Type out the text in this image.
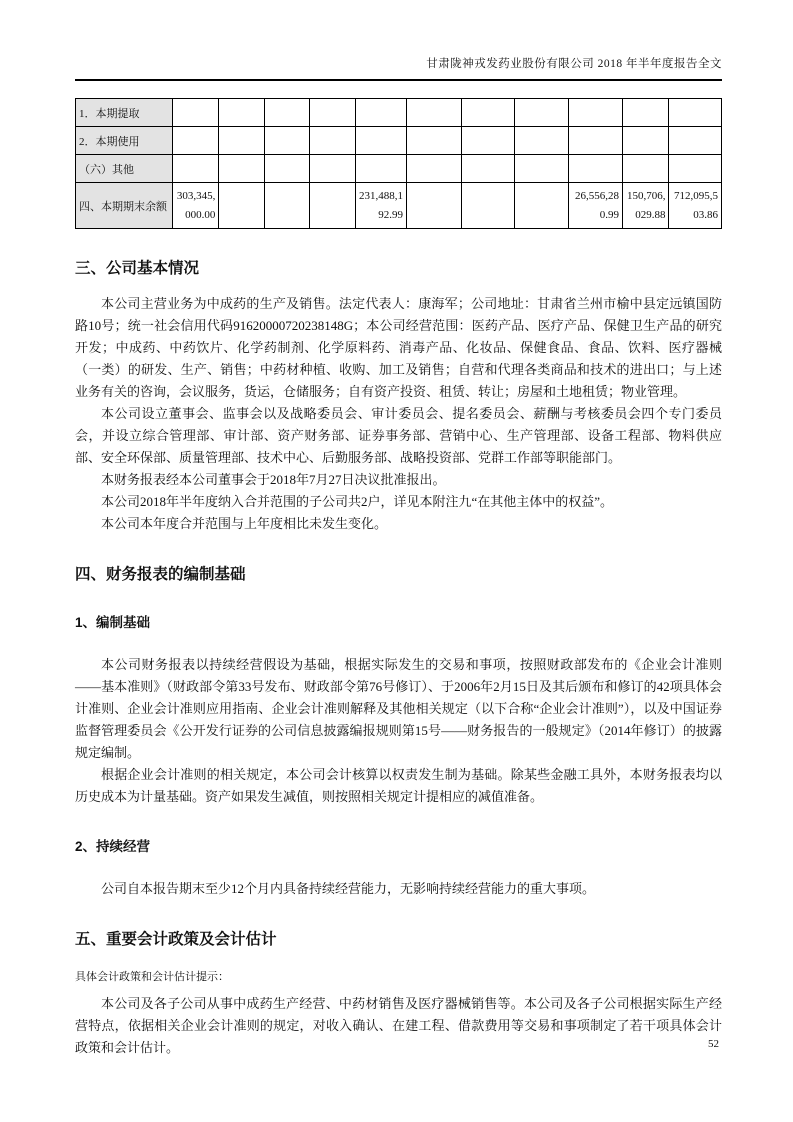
甘肃陇神戎发药业股份有限公司 2018 年半年度报告全文
1．本期提取											
2．本期使用											
（六）其他											
四、本期期末余额	303,345,000.00				231,488,192.99				26,556,280.99	150,706,029.88	712,095,503.86
三、公司基本情况

本公司主营业务为中成药的生产及销售。法定代表人：康海军；公司地址：甘肃省兰州市榆中县定远镇国防路10号；统一社会信用代码91620000720238148G；本公司经营范围：医药产品、医疗产品、保健卫生产品的研究开发；中成药、中药饮片、化学药制剂、化学原料药、消毒产品、化妆品、保健食品、食品、饮料、医疗器械（一类）的研发、生产、销售；中药材种植、收购、加工及销售；自营和代理各类商品和技术的进出口；与上述业务有关的咨询，会议服务，货运，仓储服务；自有资产投资、租赁、转让；房屋和土地租赁；物业管理。

本公司设立董事会、监事会以及战略委员会、审计委员会、提名委员会、薪酬与考核委员会四个专门委员会，并设立综合管理部、审计部、资产财务部、证券事务部、营销中心、生产管理部、设备工程部、物料供应部、安全环保部、质量管理部、技术中心、后勤服务部、战略投资部、党群工作部等职能部门。

本财务报表经本公司董事会于2018年7月27日决议批准报出。

本公司2018年半年度纳入合并范围的子公司共2户，详见本附注九“在其他主体中的权益”。

本公司本年度合并范围与上年度相比未发生变化。

四、财务报表的编制基础
1、编制基础

本公司财务报表以持续经营假设为基础，根据实际发生的交易和事项，按照财政部发布的《企业会计准则——基本准则》（财政部令第33号发布、财政部令第76号修订）、于2006年2月15日及其后颁布和修订的42项具体会计准则、企业会计准则应用指南、企业会计准则解释及其他相关规定（以下合称“企业会计准则”），以及中国证券监督管理委员会《公开发行证券的公司信息披露编报规则第15号——财务报告的一般规定》（2014年修订）的披露规定编制。

根据企业会计准则的相关规定，本公司会计核算以权责发生制为基础。除某些金融工具外，本财务报表均以历史成本为计量基础。资产如果发生减值，则按照相关规定计提相应的减值准备。

2、持续经营

公司自本报告期末至少12个月内具备持续经营能力，无影响持续经营能力的重大事项。

五、重要会计政策及会计估计

具体会计政策和会计估计提示：

本公司及各子公司从事中成药生产经营、中药材销售及医疗器械销售等。本公司及各子公司根据实际生产经营特点，依据相关企业会计准则的规定，对收入确认、在建工程、借款费用等交易和事项制定了若干项具体会计政策和会计估计。	52
